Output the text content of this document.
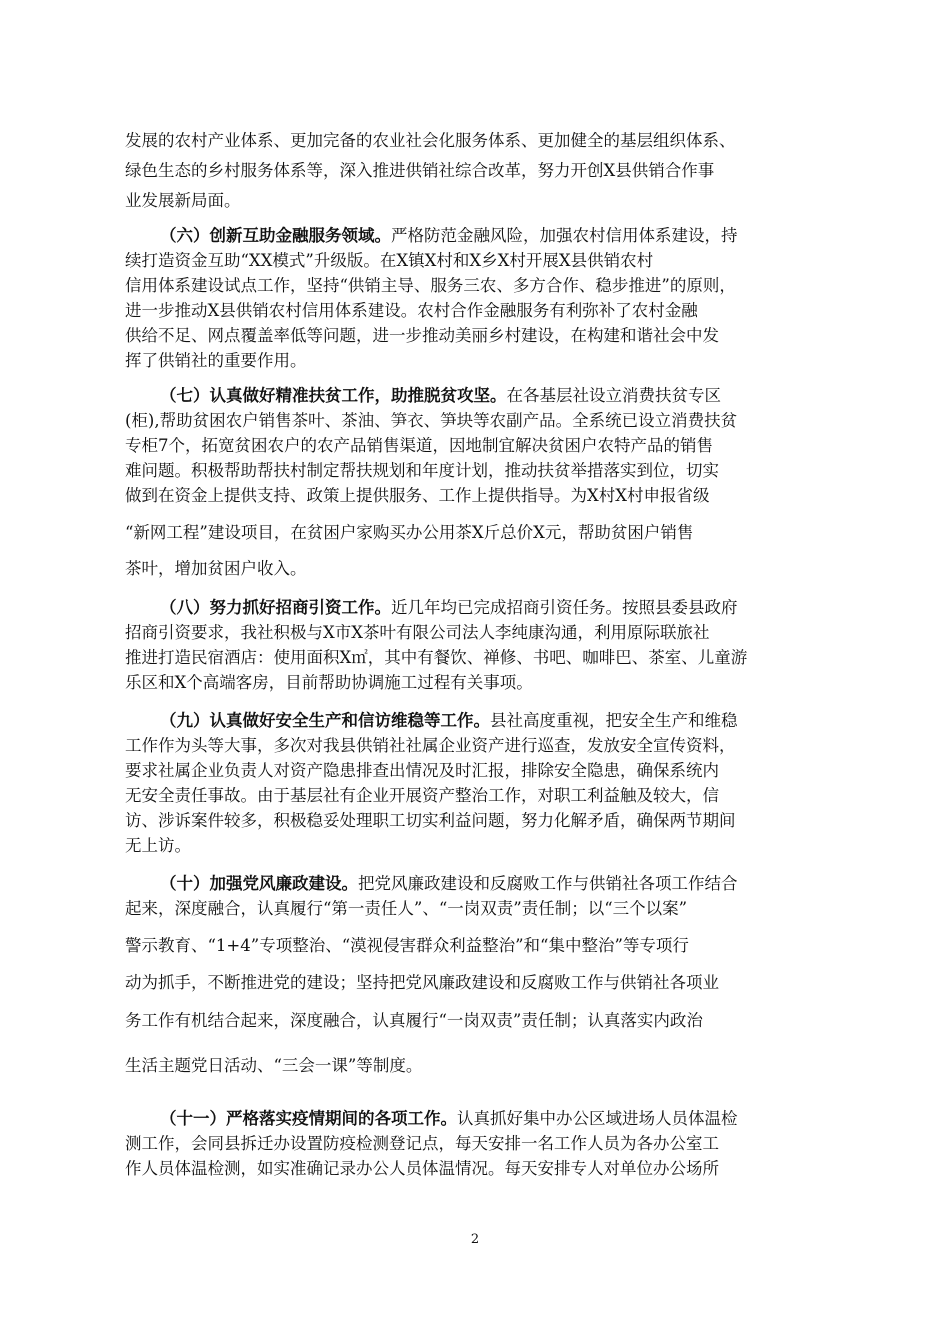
发展的农村产业体系、更加完备的农业社会化服务体系、更加健全的基层组织体系、
绿色生态的乡村服务体系等，深入推进供销社综合改革，努力开创X县供销合作事
业发展新局面。
（六）创新互助金融服务领域。严格防范金融风险，加强农村信用体系建设，持
续打造资金互助“XX模式”升级版。在X镇X村和X乡X村开展X县供销农村
信用体系建设试点工作，坚持“供销主导、服务三农、多方合作、稳步推进”的原则，
进一步推动X县供销农村信用体系建设。农村合作金融服务有利弥补了农村金融
供给不足、网点覆盖率低等问题，进一步推动美丽乡村建设，在构建和谐社会中发
挥了供销社的重要作用。
（七）认真做好精准扶贫工作，助推脱贫攻坚。在各基层社设立消费扶贫专区
(柜),帮助贫困农户销售茶叶、茶油、笋衣、笋块等农副产品。全系统已设立消费扶贫
专柜7个，拓宽贫困农户的农产品销售渠道，因地制宜解决贫困户农特产品的销售
难问题。积极帮助帮扶村制定帮扶规划和年度计划，推动扶贫举措落实到位，切实
做到在资金上提供支持、政策上提供服务、工作上提供指导。为X村X村申报省级
“新网工程”建设项目，在贫困户家购买办公用茶X斤总价X元，帮助贫困户销售
茶叶，增加贫困户收入。
（八）努力抓好招商引资工作。近几年均已完成招商引资任务。按照县委县政府
招商引资要求，我社积极与X市X茶叶有限公司法人李纯康沟通，利用原际联旅社
推进打造民宿酒店：使用面积X㎡，其中有餐饮、禅修、书吧、咖啡巴、茶室、儿童游
乐区和X个高端客房，目前帮助协调施工过程有关事项。
（九）认真做好安全生产和信访维稳等工作。县社高度重视，把安全生产和维稳
工作作为头等大事，多次对我县供销社社属企业资产进行巡查，发放安全宣传资料，
要求社属企业负责人对资产隐患排查出情况及时汇报，排除安全隐患，确保系统内
无安全责任事故。由于基层社有企业开展资产整治工作，对职工利益触及较大，信
访、涉诉案件较多，积极稳妥处理职工切实利益问题，努力化解矛盾，确保两节期间
无上访。
（十）加强党风廉政建设。把党风廉政建设和反腐败工作与供销社各项工作结合
起来，深度融合，认真履行“第一责任人”、“一岗双责”责任制；以“三个以案”
警示教育、“1+4”专项整治、“漠视侵害群众利益整治”和“集中整治”等专项行
动为抓手，不断推进党的建设；坚持把党风廉政建设和反腐败工作与供销社各项业
务工作有机结合起来，深度融合，认真履行“一岗双责”责任制；认真落实内政治
生活主题党日活动、“三会一课”等制度。
（十一）严格落实疫情期间的各项工作。认真抓好集中办公区域进场人员体温检
测工作，会同县拆迁办设置防疫检测登记点，每天安排一名工作人员为各办公室工
作人员体温检测，如实准确记录办公人员体温情况。每天安排专人对单位办公场所
2
